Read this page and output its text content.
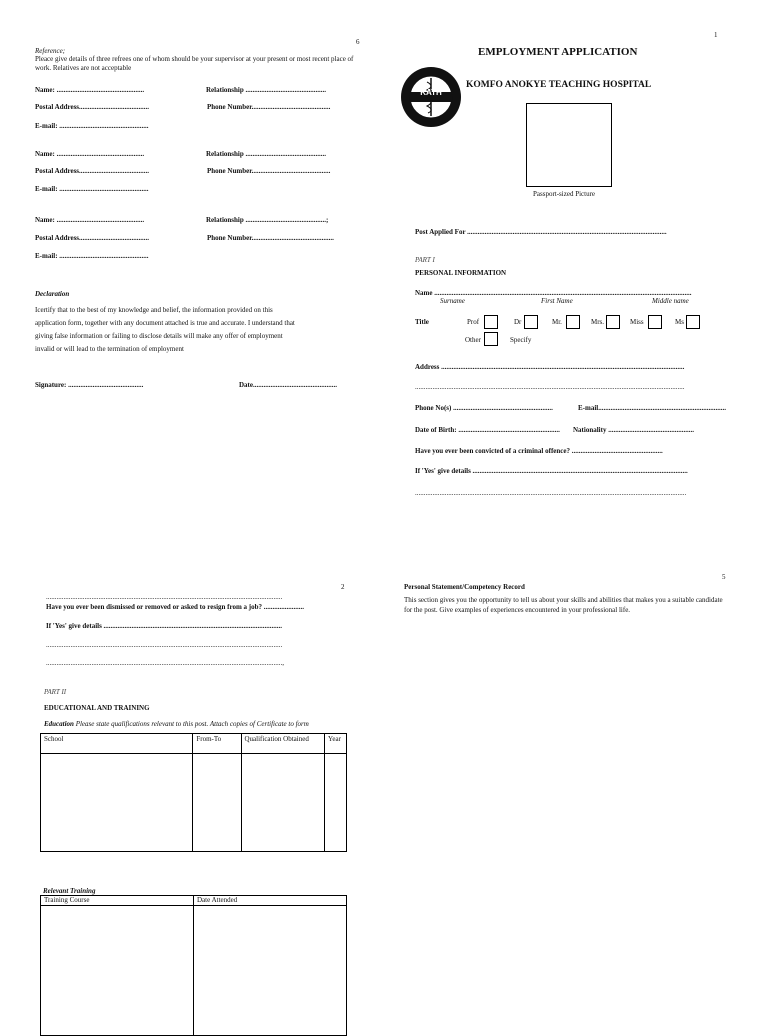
6
Reference;
Pleace give details of three refrees one of whom should be your supervisor at your present or most recent place of work. Relatives are not acceptable
Name: ..................................................	Relationship ..............................................
Postal Address........................................	Phone Number.............................................
E-mail: ...................................................
Name: ..................................................	Relationship ..............................................
Postal Address........................................	Phone Number.............................................
E-mail: ...................................................
Name: ..................................................	Relationship ..............................................;
Postal Address........................................	Phone Number...............................................
E-mail: ...................................................
Declaration
Icertify that to the best of my knowledge and belief, the information provided on this
application form, together with any document attached is true and accurate. I understand that
giving false information or failing to disclose details will make any offer of employment
invalid or will lead to the termination of employment
Signature: ...........................................	Date................................................
1
EMPLOYMENT APPLICATION
KATH
KOMFO ANOKYE TEACHING HOSPITAL
Passport-sized Picture
Post Applied For ..................................................................................................................
PART I
PERSONAL INFORMATION
Name ...................................................................................................................................................
Surname	First Name	Middle name
Title	Prof	Dr	Mr.	Mrs.	Miss	Ms
Other	Specify
Address ...........................................................................................................................................
..........................................................................................................................................................
Phone No(s) .........................................................	E-mail.........................................................................
Date of Birth: .......................................................... Nationality .................................................
Have you ever been convicted of a criminal offence? ....................................................
If 'Yes' give details ...........................................................................................................................
...........................................................................................................................................................
2
.......................................................................................................................................
Have you ever been dismissed or removed or asked to resign from a job? .......................
If 'Yes' give details ......................................................................................................
.......................................................................................................................................
.......................................................................................................................................,
PART II
EDUCATIONAL AND TRAINING
Education Please state qualifications relevant to this post. Attach copies of Certificate to form
School	From-To	Qualification Obtained	Year

Relevant Training
Training Course	Date Attended

5
Personal Statement/Competency Record
This section gives you the opportunity to tell us about your skills and abilities that makes you a suitable candidate for the post. Give examples of experiences encountered in your professional life.
